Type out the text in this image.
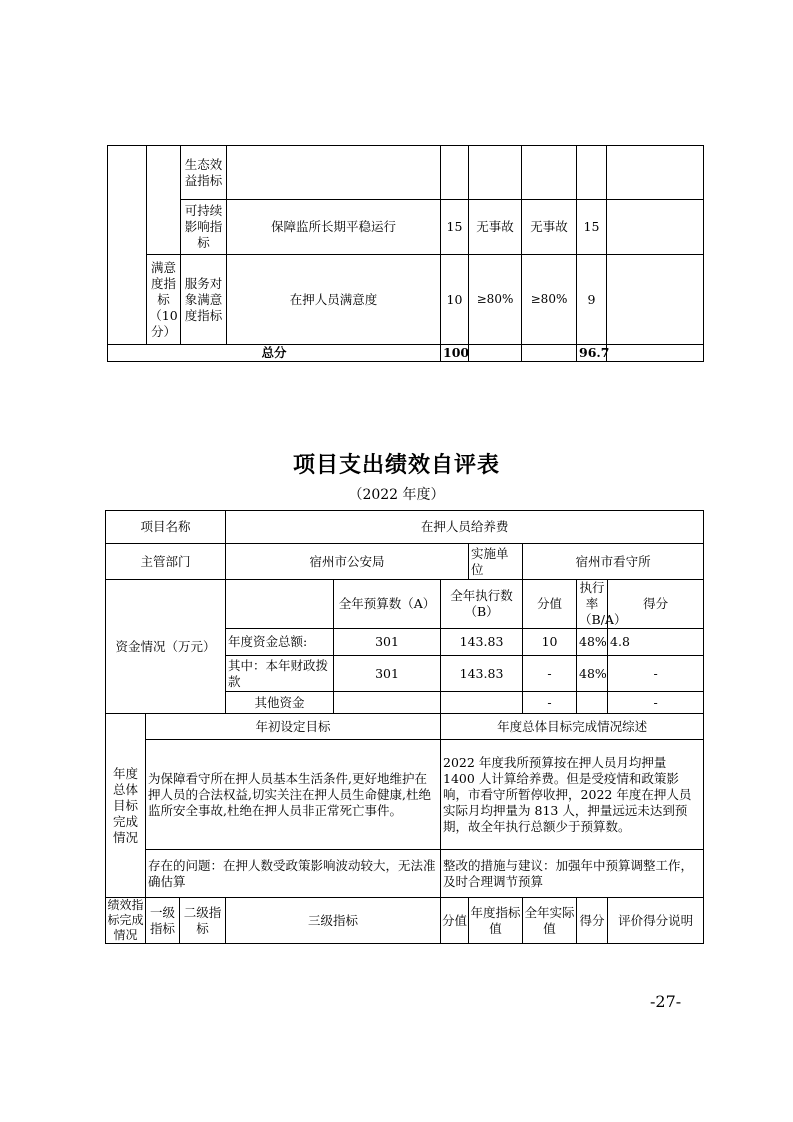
		生态效益指标						
		可持续影响指标	保障监所长期平稳运行	15	无事故	无事故	15	
	满意度指标（10分）	服务对象满意度指标	在押人员满意度	10	≥80%	≥80%	9	
总分				100			96.7	
项目支出绩效自评表
（2022 年度）
项目名称			在押人员给养费						
主管部门			宿州市公安局			实施单位	宿州市看守所		
资金情况（万元）				全年预算数（A）	全年执行数（B）		分值	执行率（B/A）	得分
			年度资金总额:	301	143.83		10	48%	4.8
			其中：本年财政拨款	301	143.83		-	48%	-
			其他资金				-		-
年度总体目标完成情况	年初设定目标				年度总体目标完成情况综述				
	为保障看守所在押人员基本生活条件,更好地维护在押人员的合法权益,切实关注在押人员生命健康,杜绝监所安全事故,杜绝在押人员非正常死亡事件。				2022 年度我所预算按在押人员月均押量 1400 人计算给养费。但是受疫情和政策影响，市看守所暂停收押，2022 年度在押人员实际月均押量为 813 人，押量远远未达到预期，故全年执行总额少于预算数。				
	存在的问题：在押人数受政策影响波动较大，无法准确估算				整改的措施与建议：加强年中预算调整工作，及时合理调节预算				
绩效指标完成情况	一级指标	二级指标	三级指标		分值	年度指标值	全年实际值	得分	评价得分说明
-27-
